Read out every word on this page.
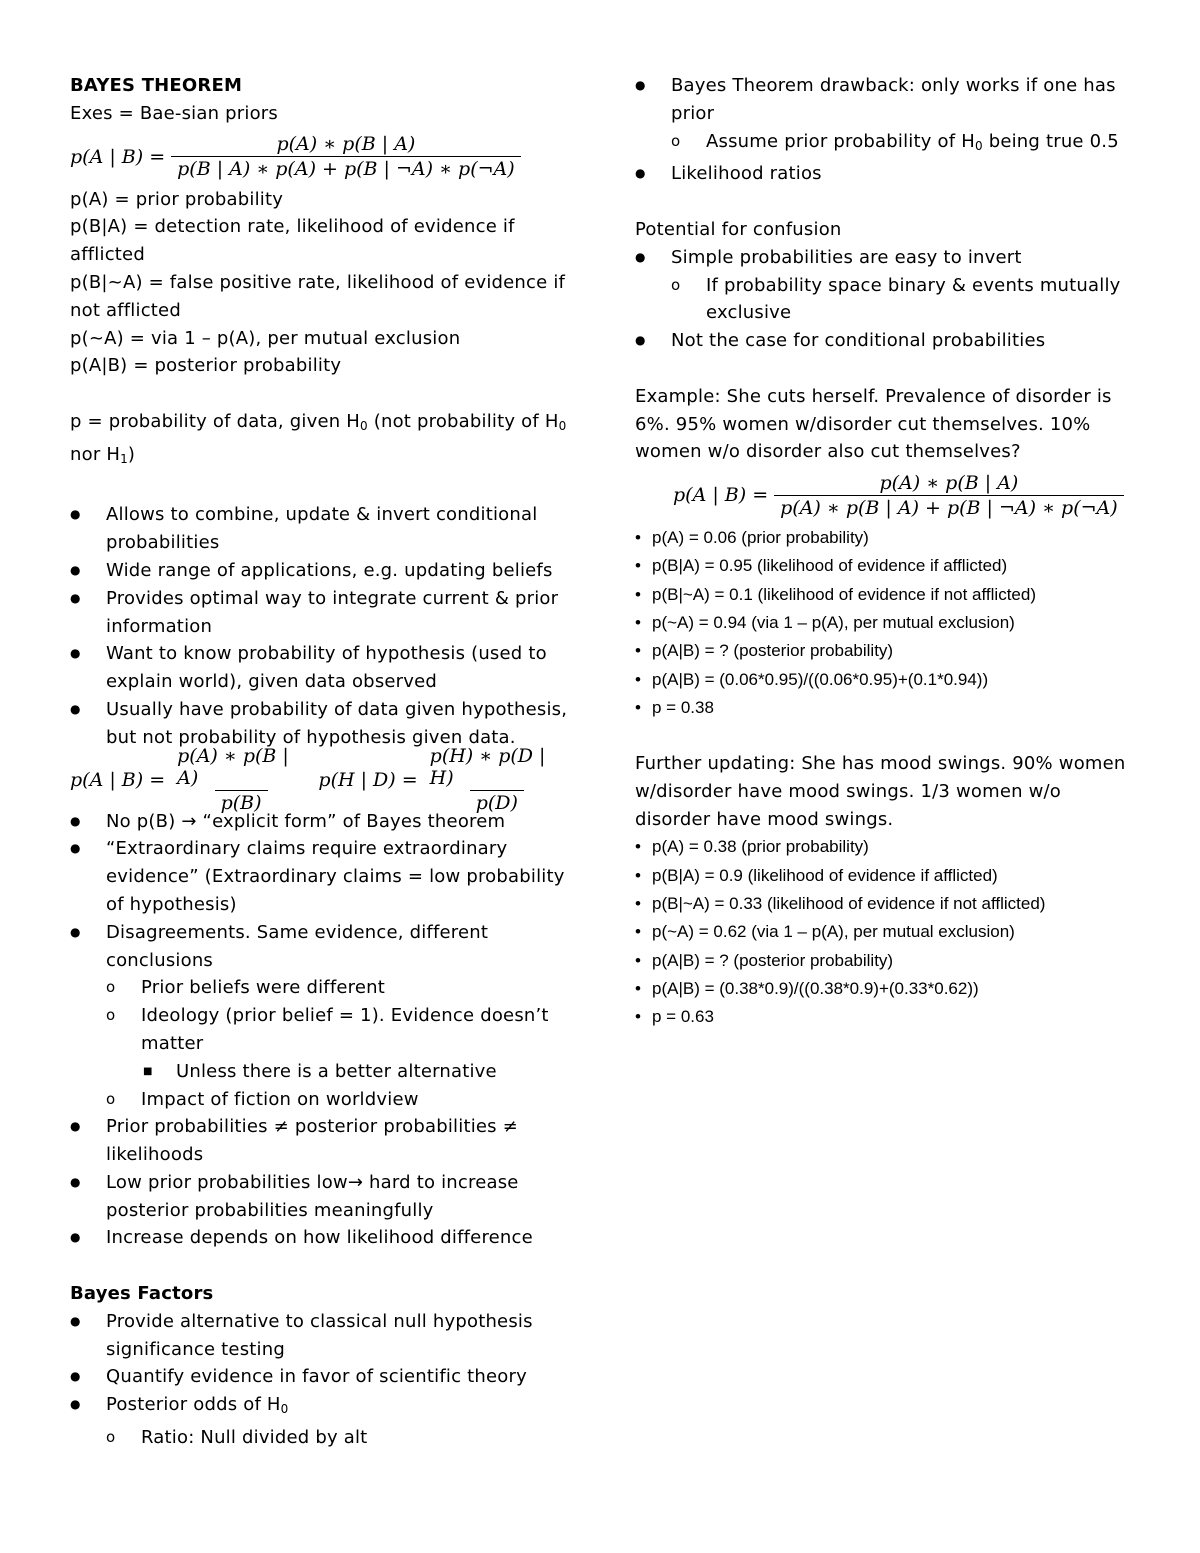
BAYES THEOREM
Exes = Bae-sian priors
p(A | $B) = \frac{p(A) ∗ p(B | A)}{p(B | A) ∗ p(A) + p(B | \neg A) ∗ p(\neg A)}$
p(A) = prior probability
p(B|A) = detection rate, likelihood of evidence if
afflicted
p(B|~A) = false positive rate, likelihood of evidence if
not afflicted
p(~A) = via 1 – p(A), per mutual exclusion
p(A|B) = posterior probability
p = probability of data, given $H_0$ (not probability of $H_0$
nor $H_1$)
● Allows to combine, update & invert conditional
probabilities
● Wide range of applications, e.g. updating beliefs
● Provides optimal way to integrate current & prior
information
● Want to know probability of hypothesis (used to
explain world), given data observed
● Usually have probability of data given hypothesis,
but not probability of hypothesis given data.
p(A | $B) = \frac{p(A) ∗ p(B | A)}{p(B)} p(H$ | $D) = \frac{p(H) ∗ p(D | H)}{p(D)}$
● No p(B) → “explicit form” of Bayes theorem
● “Extraordinary claims require extraordinary
evidence” (Extraordinary claims = low probability
of hypothesis)
● Disagreements. Same evidence, different
conclusions
o Prior beliefs were different
o Ideology (prior belief = 1). Evidence doesn’t
matter
■ Unless there is a better alternative
o Impact of fiction on worldview
● Prior probabilities ≠ posterior probabilities ≠
likelihoods
● Low prior probabilities low→ hard to increase
posterior probabilities meaningfully
● Increase depends on how likelihood difference
Bayes Factors
● Provide alternative to classical null hypothesis
significance testing
● Quantify evidence in favor of scientific theory
● Posterior odds of $H_0$
o Ratio: Null divided by alt
● Bayes Theorem drawback: only works if one has
prior
o Assume prior probability of $H_0$ being true 0.5
● Likelihood ratios
Potential for confusion
● Simple probabilities are easy to invert
o If probability space binary & events mutually
exclusive
● Not the case for conditional probabilities
Example: She cuts herself. Prevalence of disorder is
6%. 95% women w/disorder cut themselves. 10%
women w/o disorder also cut themselves?
p(A | $B) = \frac{p(A) ∗ p(B | A)}{p(A) ∗ p(B | A) + p(B | \neg A) ∗ p(\neg A)}$
• p(A) = 0.06 (prior probability)
• p(B|A) = 0.95 (likelihood of evidence if afflicted)
• p(B|~A) = 0.1 (likelihood of evidence if not afflicted)
• p(~A) = 0.94 (via 1 – p(A), per mutual exclusion)
• p(A|B) = ? (posterior probability)
• p(A|B) = (0.06*0.95)/((0.06*0.95)+(0.1*0.94))
• p = 0.38
Further updating: She has mood swings. 90% women
w/disorder have mood swings. 1/3 women w/o
disorder have mood swings.
• p(A) = 0.38 (prior probability)
• p(B|A) = 0.9 (likelihood of evidence if afflicted)
• p(B|~A) = 0.33 (likelihood of evidence if not afflicted)
• p(~A) = 0.62 (via 1 – p(A), per mutual exclusion)
• p(A|B) = ? (posterior probability)
• p(A|B) = (0.38*0.9)/((0.38*0.9)+(0.33*0.62))
• p = 0.63
